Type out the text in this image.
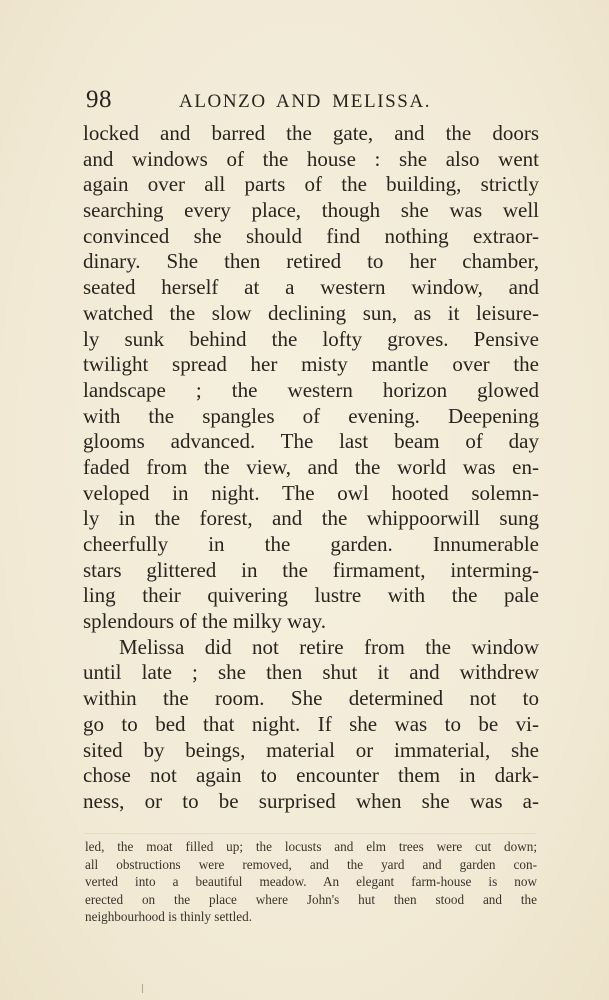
98	ALONZO AND MELISSA.
locked and barred the gate, and the doors
and windows of the house : she also went
again over all parts of the building, strictly
searching every place, though she was well
convinced she should find nothing extraor-
dinary. She then retired to her chamber,
seated herself at a western window, and
watched the slow declining sun, as it leisure-
ly sunk behind the lofty groves. Pensive
twilight spread her misty mantle over the
landscape ; the western horizon glowed
with the spangles of evening. Deepening
glooms advanced. The last beam of day
faded from the view, and the world was en-
veloped in night. The owl hooted solemn-
ly in the forest, and the whippoorwill sung
cheerfully in the garden. Innumerable
stars glittered in the firmament, interming-
ling their quivering lustre with the pale
splendours of the milky way.
Melissa did not retire from the window
until late ; she then shut it and withdrew
within the room. She determined not to
go to bed that night. If she was to be vi-
sited by beings, material or immaterial, she
chose not again to encounter them in dark-
ness, or to be surprised when she was a-
led, the moat filled up; the locusts and elm trees were cut down;
all obstructions were removed, and the yard and garden con-
verted into a beautiful meadow. An elegant farm-house is now
erected on the place where John's hut then stood and the
neighbourhood is thinly settled.
